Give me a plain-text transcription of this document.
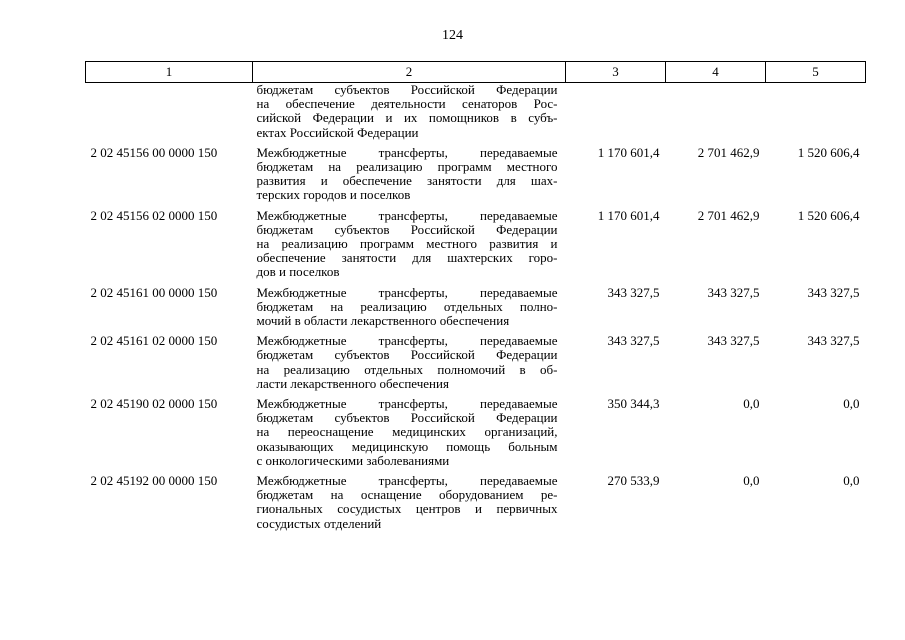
124
1	2	3	4	5

	бюджетам субъектов Российской Федерации
на обеспечение деятельности сенаторов Рос-
сийской Федерации и их помощников в субъ-
ектах Российской Федерации			

2 02 45156 00 0000 150	Межбюджетные трансферты, передаваемые
бюджетам на реализацию программ местного
развития и обеспечение занятости для шах-
терских городов и поселков	1 170 601,4	2 701 462,9	1 520 606,4
2 02 45156 02 0000 150	Межбюджетные трансферты, передаваемые
бюджетам субъектов Российской Федерации
на реализацию программ местного развития и
обеспечение занятости для шахтерских горо-
дов и поселков	1 170 601,4	2 701 462,9	1 520 606,4
2 02 45161 00 0000 150	Межбюджетные трансферты, передаваемые
бюджетам на реализацию отдельных полно-
мочий в области лекарственного обеспечения	343 327,5	343 327,5	343 327,5
2 02 45161 02 0000 150	Межбюджетные трансферты, передаваемые
бюджетам субъектов Российской Федерации
на реализацию отдельных полномочий в об-
ласти лекарственного обеспечения	343 327,5	343 327,5	343 327,5
2 02 45190 02 0000 150	Межбюджетные трансферты, передаваемые
бюджетам субъектов Российской Федерации
на переоснащение медицинских организаций,
оказывающих медицинскую помощь больным
с онкологическими заболеваниями	350 344,3	0,0	0,0
2 02 45192 00 0000 150	Межбюджетные трансферты, передаваемые
бюджетам на оснащение оборудованием ре-
гиональных сосудистых центров и первичных
сосудистых отделений	270 533,9	0,0	0,0
